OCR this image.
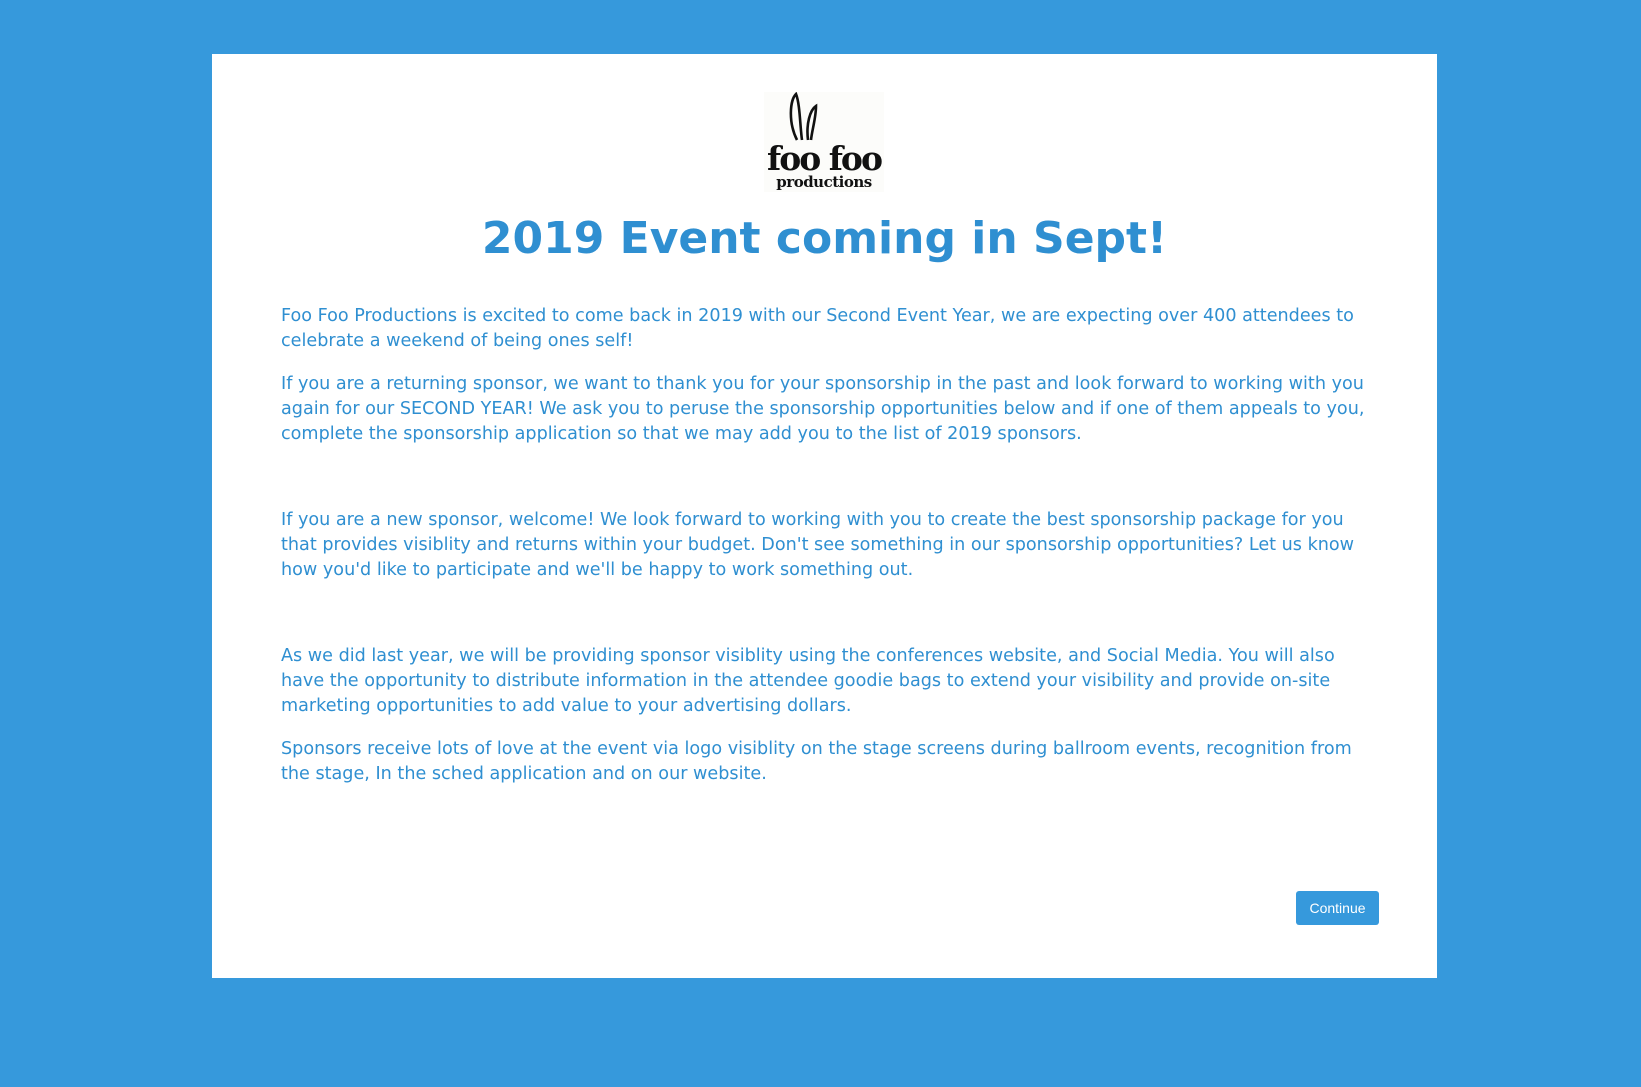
foo foo
productions
2019 Event coming in Sept!

Foo Foo Productions is excited to come back in 2019 with our Second Event Year, we are expecting over 400 attendees to celebrate a weekend of being ones self!

If you are a returning sponsor, we want to thank you for your sponsorship in the past and look forward to working with you again for our SECOND YEAR! We ask you to peruse the sponsorship opportunities below and if one of them appeals to you, complete the sponsorship application so that we may add you to the list of 2019 sponsors.

If you are a new sponsor, welcome! We look forward to working with you to create the best sponsorship package for you that provides visiblity and returns within your budget. Don't see something in our sponsorship opportunities? Let us know how you'd like to participate and we'll be happy to work something out.

As we did last year, we will be providing sponsor visiblity using the conferences website, and Social Media. You will also have the opportunity to distribute information in the attendee goodie bags to extend your visibility and provide on-site marketing opportunities to add value to your advertising dollars.

Sponsors receive lots of love at the event via logo visiblity on the stage screens during ballroom events, recognition from the stage, In the sched application and on our website.

Continue
